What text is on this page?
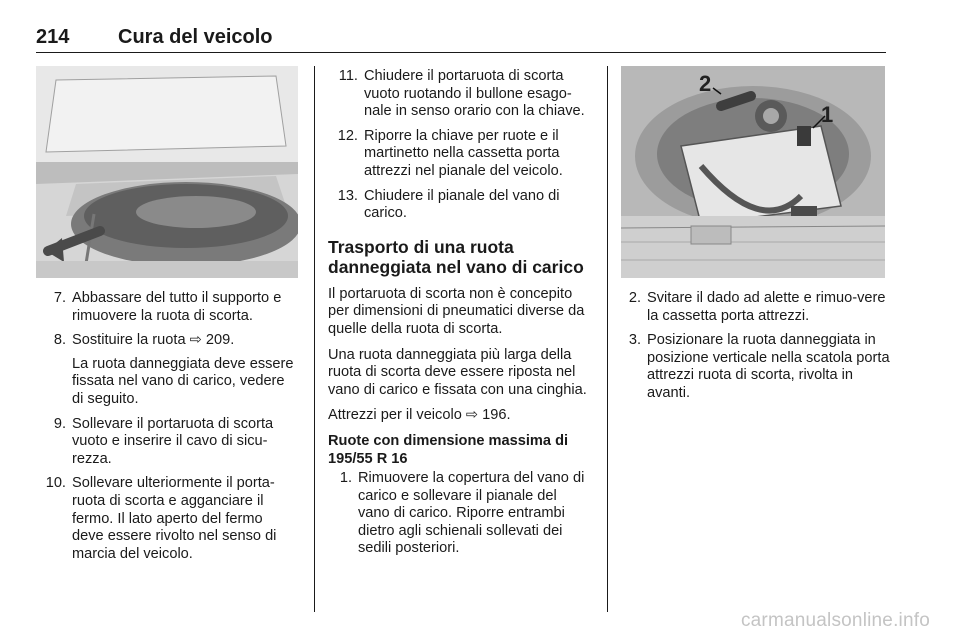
214 Cura del veicolo
7. Abbassare del tutto il supporto e rimuovere la ruota di scorta.

8. Sostituire la ruota ⇨ 209.

La ruota danneggiata deve essere fissata nel vano di carico, vedere di seguito.

9. Sollevare il portaruota di scorta vuoto e inserire il cavo di sicu-rezza.

10. Sollevare ulteriormente il porta-ruota di scorta e agganciare il fermo. Il lato aperto del fermo deve essere rivolto nel senso di marcia del veicolo.

11. Chiudere il portaruota di scorta vuoto ruotando il bullone esago-nale in senso orario con la chiave.

12. Riporre la chiave per ruote e il martinetto nella cassetta porta attrezzi nel pianale del veicolo.

13. Chiudere il pianale del vano di carico.

Trasporto di una ruota danneggiata nel vano di carico

Il portaruota di scorta non è concepito per dimensioni di pneumatici diverse da quelle della ruota di scorta.

Una ruota danneggiata più larga della ruota di scorta deve essere riposta nel vano di carico e fissata con una cinghia.

Attrezzi per il veicolo ⇨ 196.

Ruote con dimensione massima di 195/55 R 16
1. Rimuovere la copertura del vano di carico e sollevare il pianale del vano di carico. Riporre entrambi dietro agli schienali sollevati dei sedili posteriori.

1
2
2. Svitare il dado ad alette e rimuo-vere la cassetta porta attrezzi.

3. Posizionare la ruota danneggiata in posizione verticale nella scatola porta attrezzi ruota di scorta, rivolta in avanti.

carmanualsonline.info
